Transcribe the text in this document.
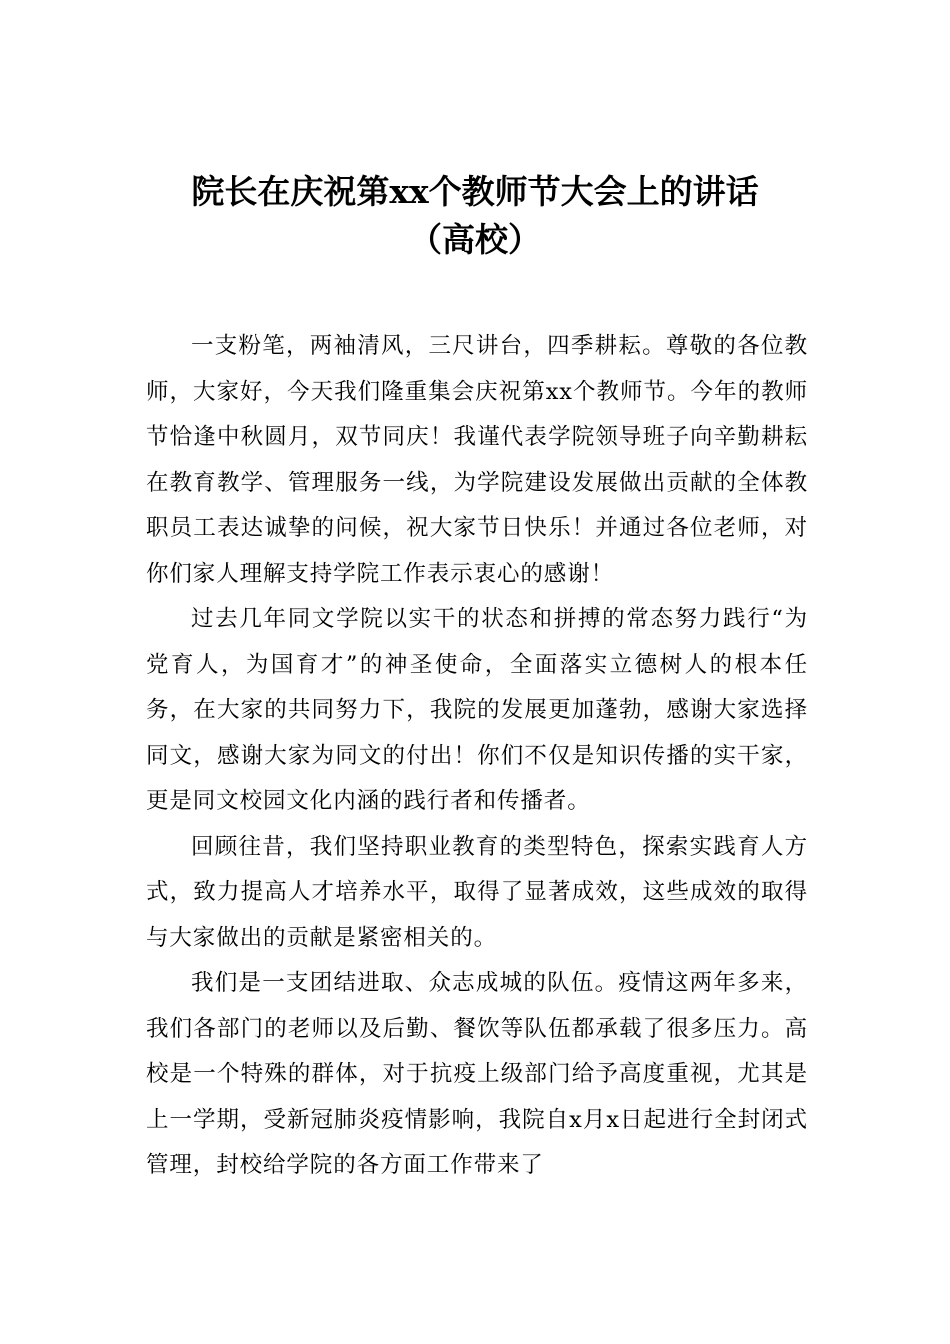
院长在庆祝第xx个教师节大会上的讲话
（高校）

一支粉笔，两袖清风，三尺讲台，四季耕耘。尊敬的各位教师，大家好，今天我们隆重集会庆祝第xx个教师节。今年的教师节恰逢中秋圆月，双节同庆！我谨代表学院领导班子向辛勤耕耘在教育教学、管理服务一线，为学院建设发展做出贡献的全体教职员工表达诚挚的问候，祝大家节日快乐！并通过各位老师，对你们家人理解支持学院工作表示衷心的感谢！

过去几年同文学院以实干的状态和拼搏的常态努力践行“为党育人，为国育才”的神圣使命，全面落实立德树人的根本任务，在大家的共同努力下，我院的发展更加蓬勃，感谢大家选择同文，感谢大家为同文的付出！你们不仅是知识传播的实干家，更是同文校园文化内涵的践行者和传播者。

回顾往昔，我们坚持职业教育的类型特色，探索实践育人方式，致力提高人才培养水平，取得了显著成效，这些成效的取得与大家做出的贡献是紧密相关的。

我们是一支团结进取、众志成城的队伍。疫情这两年多来，我们各部门的老师以及后勤、餐饮等队伍都承载了很多压力。高校是一个特殊的群体，对于抗疫上级部门给予高度重视，尤其是上一学期，受新冠肺炎疫情影响，我院自x月x日起进行全封闭式管理，封校给学院的各方面工作带来了
